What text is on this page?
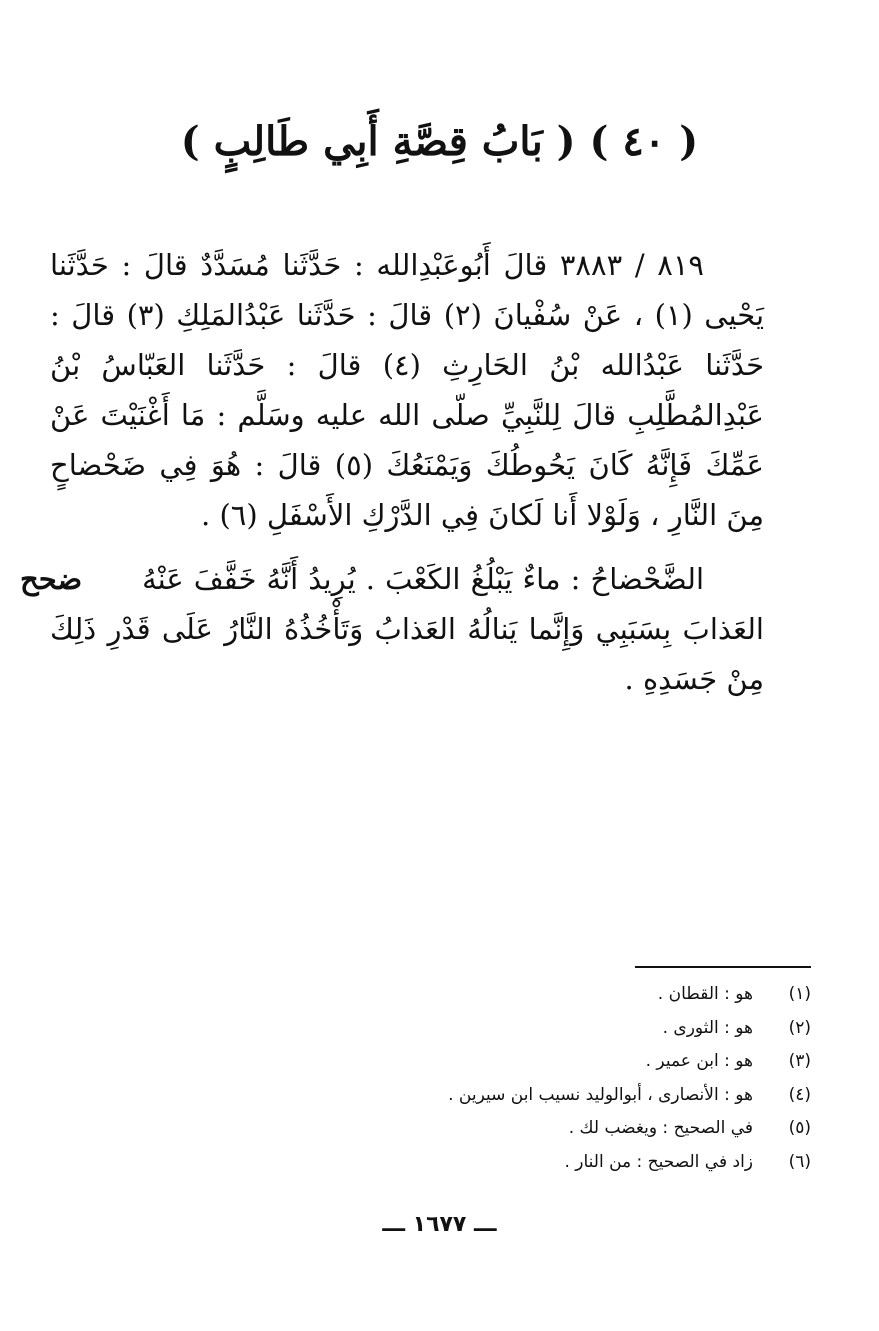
( ٤٠ ) ( بَابُ قِصَّةِ أَبِي طَالِبٍ )

٨١٩ / ٣٨٨٣ قالَ أَبُوعَبْدِالله : حَدَّثَنا مُسَدَّدٌ قالَ : حَدَّثَنا يَحْيى (١) ، عَنْ سُفْيانَ (٢) قالَ : حَدَّثَنا عَبْدُالمَلِكِ (٣) قالَ : حَدَّثَنا عَبْدُالله بْنُ الحَارِثِ (٤) قالَ : حَدَّثَنا العَبّاسُ بْنُ عَبْدِالمُطَّلِبِ قالَ لِلنَّبِيِّ صلّى الله عليه وسَلَّم : مَا أَغْنَيْتَ عَنْ عَمِّكَ فَإِنَّهُ كَانَ يَحُوطُكَ وَيَمْنَعُكَ (٥) قالَ : هُوَ فِي ضَحْضاحٍ مِنَ النَّارِ ، وَلَوْلا أَنا لَكانَ فِي الدَّرْكِ الأَسْفَلِ (٦) .

ضحح	الضَّحْضاحُ : ماءٌ يَبْلُغُ الكَعْبَ . يُرِيدُ أَنَّهُ خَفَّفَ عَنْهُ العَذابَ بِسَبَبِي وَإِنَّما يَنالُهُ العَذابُ وَتَأْخُذُهُ النَّارُ عَلَى قَدْرِ ذَلِكَ مِنْ جَسَدِهِ .

(١)
هو : القطان .
(٢)
هو : الثورى .
(٣)
هو : ابن عمير .
(٤)
هو : الأنصارى ، أبوالوليد نسيب ابن سيرين .
(٥)
في الصحيح : ويغضب لك .
(٦)
زاد في الصحيح : من النار .
ـــ ١٦٧٧ ـــ
